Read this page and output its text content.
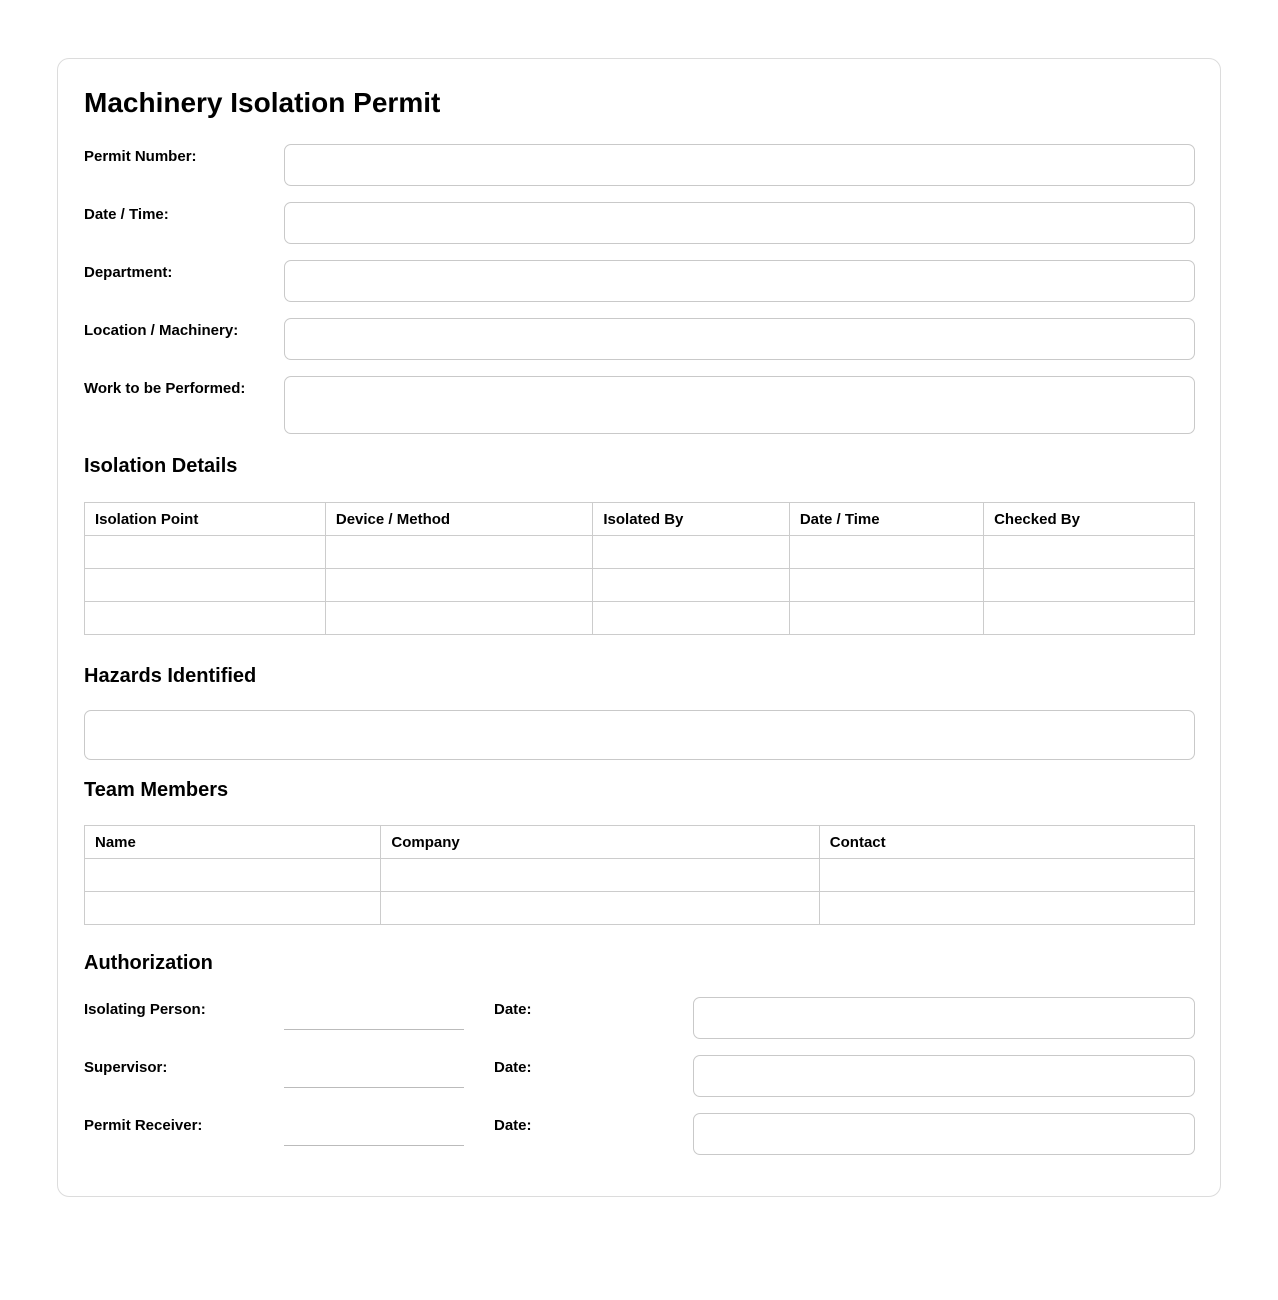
Machinery Isolation Permit
Permit Number:
Date / Time:
Department:
Location / Machinery:
Work to be Performed:
Isolation Details
Isolation Point	Device / Method	Isolated By	Date / Time	Checked By

Hazards Identified
Team Members
Name	Company	Contact

Authorization
Isolating Person:	Date:
Supervisor:	Date:
Permit Receiver:	Date:
